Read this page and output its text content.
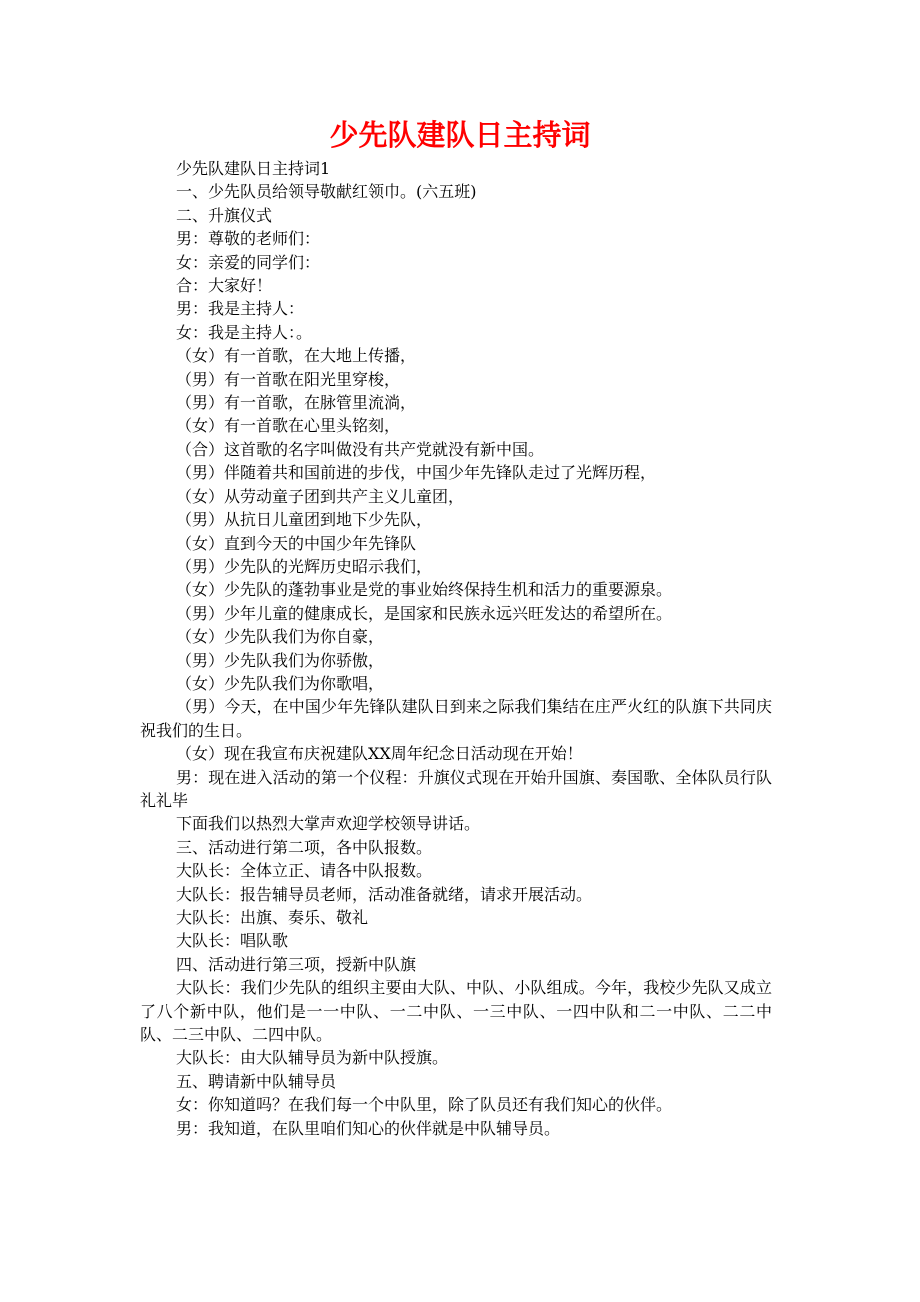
少先队建队日主持词

少先队建队日主持词1

一、少先队员给领导敬献红领巾。(六五班)

二、升旗仪式

男：尊敬的老师们：

女：亲爱的同学们：

合：大家好！

男：我是主持人：

女：我是主持人：。

（女）有一首歌，在大地上传播，

（男）有一首歌在阳光里穿梭，

（男）有一首歌，在脉管里流淌，

（女）有一首歌在心里头铭刻，

（合）这首歌的名字叫做没有共产党就没有新中国。

（男）伴随着共和国前进的步伐，中国少年先锋队走过了光辉历程，

（女）从劳动童子团到共产主义儿童团，

（男）从抗日儿童团到地下少先队，

（女）直到今天的中国少年先锋队

（男）少先队的光辉历史昭示我们，

（女）少先队的蓬勃事业是党的事业始终保持生机和活力的重要源泉。

（男）少年儿童的健康成长，是国家和民族永远兴旺发达的希望所在。

（女）少先队我们为你自豪，

（男）少先队我们为你骄傲，

（女）少先队我们为你歌唱，

（男）今天，在中国少年先锋队建队日到来之际我们集结在庄严火红的队旗下共同庆祝我们的生日。

（女）现在我宣布庆祝建队XX周年纪念日活动现在开始！

男：现在进入活动的第一个仪程：升旗仪式现在开始升国旗、奏国歌、全体队员行队礼礼毕

下面我们以热烈大掌声欢迎学校领导讲话。

三、活动进行第二项，各中队报数。

大队长：全体立正、请各中队报数。

大队长：报告辅导员老师，活动准备就绪，请求开展活动。

大队长：出旗、奏乐、敬礼

大队长：唱队歌

四、活动进行第三项，授新中队旗

大队长：我们少先队的组织主要由大队、中队、小队组成。今年，我校少先队又成立了八个新中队，他们是一一中队、一二中队、一三中队、一四中队和二一中队、二二中队、二三中队、二四中队。

大队长：由大队辅导员为新中队授旗。

五、聘请新中队辅导员

女：你知道吗？在我们每一个中队里，除了队员还有我们知心的伙伴。

男：我知道，在队里咱们知心的伙伴就是中队辅导员。
